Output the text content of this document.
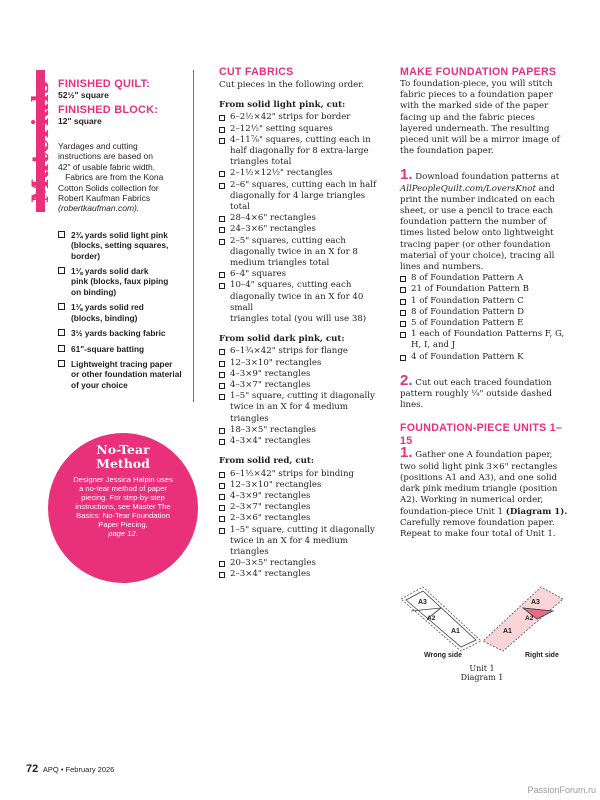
Materials FINISHED QUILT:
52½" square
FINISHED BLOCK:
12" square
Yardages and cutting
instructions are based on
42" of usable fabric width.
Fabrics are from the Kona
Cotton Solids collection for
Robert Kaufman Fabrics
(robertkaufman.com).
2¾ yards solid light pink
(blocks, setting squares,
border)
1⅛ yards solid dark
pink (blocks, faux piping
on binding)
1⅛ yards solid red
(blocks, binding)
3½ yards backing fabric
61"-square batting
Lightweight tracing paper
or other foundation material
of your choice
No-Tear
Method
Designer Jessica Halpin uses
a no-tear method of paper
piecing. For step-by-step
instructions, see Master The
Basics: No-Tear Foundation
Paper Piecing,
page 12.
CUT FABRICS
Cut pieces in the following order.
From solid light pink, cut:
6–2½×42" strips for border
2–12½" setting squares
4–11⅞" squares, cutting each in
half diagonally for 8 extra-large
triangles total
2–1½×12½" rectangles
2–6" squares, cutting each in half
diagonally for 4 large triangles
total
28–4×6" rectangles
24–3×6" rectangles
2–5" squares, cutting each
diagonally twice in an X for 8
medium triangles total
6–4" squares
10–4" squares, cutting each
diagonally twice in an X for 40 small
triangles total (you will use 38)
From solid dark pink, cut:
6–1¾×42" strips for flange
12–3×10" rectangles
4–3×9" rectangles
4–3×7" rectangles
1–5" square, cutting it diagonally
twice in an X for 4 medium
triangles
18–3×5" rectangles
4–3×4" rectangles
From solid red, cut:
6–1½×42" strips for binding
12–3×10" rectangles
4–3×9" rectangles
2–3×7" rectangles
2–3×6" rectangles
1–5" square, cutting it diagonally
twice in an X for 4 medium
triangles
20–3×5" rectangles
2–3×4" rectangles
MAKE FOUNDATION PAPERS
To foundation-piece, you will stitch
fabric pieces to a foundation paper
with the marked side of the paper
facing up and the fabric pieces
layered underneath. The resulting
pieced unit will be a mirror image of
the foundation paper.
1. Download foundation patterns at
AllPeopleQuilt.com/LoversKnot and
print the number indicated on each
sheet, or use a pencil to trace each
foundation pattern the number of
times listed below onto lightweight
tracing paper (or other foundation
material of your choice), tracing all
lines and numbers.
8 of Foundation Pattern A
21 of Foundation Pattern B
1 of Foundation Pattern C
8 of Foundation Pattern D
5 of Foundation Pattern E
1 each of Foundation Patterns F, G,
H, I, and J
4 of Foundation Pattern K
2. Cut out each traced foundation
pattern roughly ¼" outside dashed
lines.
FOUNDATION-PIECE UNITS 1–15
1. Gather one A foundation paper,
two solid light pink 3×6" rectangles
(positions A1 and A3), and one solid
dark pink medium triangle (position
A2). Working in numerical order,
foundation-piece Unit 1 (Diagram 1).
Carefully remove foundation paper.
Repeat to make four total of Unit 1.
A3
A2
A1
A3
A2
A1
Wrong side	Right side
Unit 1
Diagram 1
72 APQ • February 2026
PassionForum.ru
